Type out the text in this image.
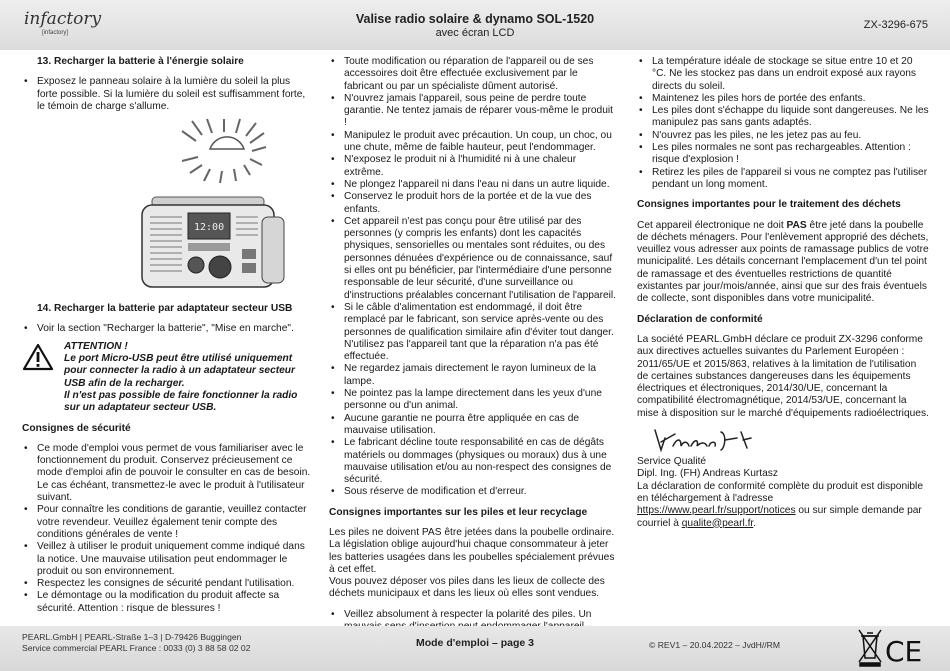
infactory
[infactory]
Valise radio solaire & dynamo SOL-1520
avec écran LCD
ZX-3296-675
13. Recharger la batterie à l'énergie solaire
• Exposez le panneau solaire à la lumière du soleil la plus forte possible. Si la lumière du soleil est suffisamment forte, le témoin de charge s'allume.
12:00
14. Recharger la batterie par adaptateur secteur USB
• Voir la section "Recharger la batterie", "Mise en marche".
ATTENTION !
Le port Micro-USB peut être utilisé uniquement pour connecter la radio à un adaptateur secteur USB afin de la recharger.
Il n'est pas possible de faire fonctionner la radio sur un adaptateur secteur USB.
Consignes de sécurité
• Ce mode d'emploi vous permet de vous familiariser avec le fonctionnement du produit. Conservez précieusement ce mode d'emploi afin de pouvoir le consulter en cas de besoin. Le cas échéant, transmettez-le avec le produit à l'utilisateur suivant.
• Pour connaître les conditions de garantie, veuillez contacter votre revendeur. Veuillez également tenir compte des conditions générales de vente !
• Veillez à utiliser le produit uniquement comme indiqué dans la notice. Une mauvaise utilisation peut endommager le produit ou son environnement.
• Respectez les consignes de sécurité pendant l'utilisation.
• Le démontage ou la modification du produit affecte sa sécurité. Attention : risque de blessures !
• Toute modification ou réparation de l'appareil ou de ses accessoires doit être effectuée exclusivement par le fabricant ou par un spécialiste dûment autorisé.
• N'ouvrez jamais l'appareil, sous peine de perdre toute garantie. Ne tentez jamais de réparer vous-même le produit !
• Manipulez le produit avec précaution. Un coup, un choc, ou une chute, même de faible hauteur, peut l'endommager.
• N'exposez le produit ni à l'humidité ni à une chaleur extrême.
• Ne plongez l'appareil ni dans l'eau ni dans un autre liquide.
• Conservez le produit hors de la portée et de la vue des enfants.
• Cet appareil n'est pas conçu pour être utilisé par des personnes (y compris les enfants) dont les capacités physiques, sensorielles ou mentales sont réduites, ou des personnes dénuées d'expérience ou de connaissance, sauf si elles ont pu bénéficier, par l'intermédiaire d'une personne responsable de leur sécurité, d'une surveillance ou d'instructions préalables concernant l'utilisation de l'appareil.
• Si le câble d'alimentation est endommagé, il doit être remplacé par le fabricant, son service après-vente ou des personnes de qualification similaire afin d'éviter tout danger. N'utilisez pas l'appareil tant que la réparation n'a pas été effectuée.
• Ne regardez jamais directement le rayon lumineux de la lampe.
• Ne pointez pas la lampe directement dans les yeux d'une personne ou d'un animal.
• Aucune garantie ne pourra être appliquée en cas de mauvaise utilisation.
• Le fabricant décline toute responsabilité en cas de dégâts matériels ou dommages (physiques ou moraux) dus à une mauvaise utilisation et/ou au non-respect des consignes de sécurité.
• Sous réserve de modification et d'erreur.
Consignes importantes sur les piles et leur recyclage

Les piles ne doivent PAS être jetées dans la poubelle ordinaire. La législation oblige aujourd'hui chaque consommateur à jeter les batteries usagées dans les poubelles spécialement prévues à cet effet.

Vous pouvez déposer vos piles dans les lieux de collecte des déchets municipaux et dans les lieux où elles sont vendues.

• Veillez absolument à respecter la polarité des piles. Un
• La température idéale de stockage se situe entre 10 et 20 °C. Ne les stockez pas dans un endroit exposé aux rayons directs du soleil.
• Maintenez les piles hors de portée des enfants.
• Les piles dont s'échappe du liquide sont dangereuses. Ne les manipulez pas sans gants adaptés.
• N'ouvrez pas les piles, ne les jetez pas au feu.
• Les piles normales ne sont pas rechargeables. Attention : risque d'explosion !
• Retirez les piles de l'appareil si vous ne comptez pas l'utiliser pendant un long moment.
Consignes importantes pour le traitement des déchets

Cet appareil électronique ne doit PAS être jeté dans la poubelle de déchets ménagers. Pour l'enlèvement approprié des déchets, veuillez vous adresser aux points de ramassage publics de votre municipalité. Les détails concernant l'emplacement d'un tel point de ramassage et des éventuelles restrictions de quantité existantes par jour/mois/année, ainsi que sur des frais éventuels de collecte, sont disponibles dans votre municipalité.

Déclaration de conformité

La société PEARL.GmbH déclare ce produit ZX-3296 conforme aux directives actuelles suivantes du Parlement Européen : 2011/65/UE et 2015/863, relatives à la limitation de l'utilisation de certaines substances dangereuses dans les équipements électriques et électroniques, 2014/30/UE, concernant la compatibilité électromagnétique, 2014/53/UE, concernant la mise à disposition sur le marché d'équipements radioélectriques.

Service Qualité

Dipl. Ing. (FH) Andreas Kurtasz

La déclaration de conformité complète du produit est disponible en téléchargement à l'adresse https://www.pearl.fr/support/notices ou sur simple demande par courriel à qualite@pearl.fr.

PEARL.GmbH | PEARL-Straße 1–3 | D-79426 Buggingen
Service commercial PEARL France : 0033 (0) 3 88 58 02 02	Mode d'emploi – page 3	© REV1 – 20.04.2022 – JvdH//RM	CE
